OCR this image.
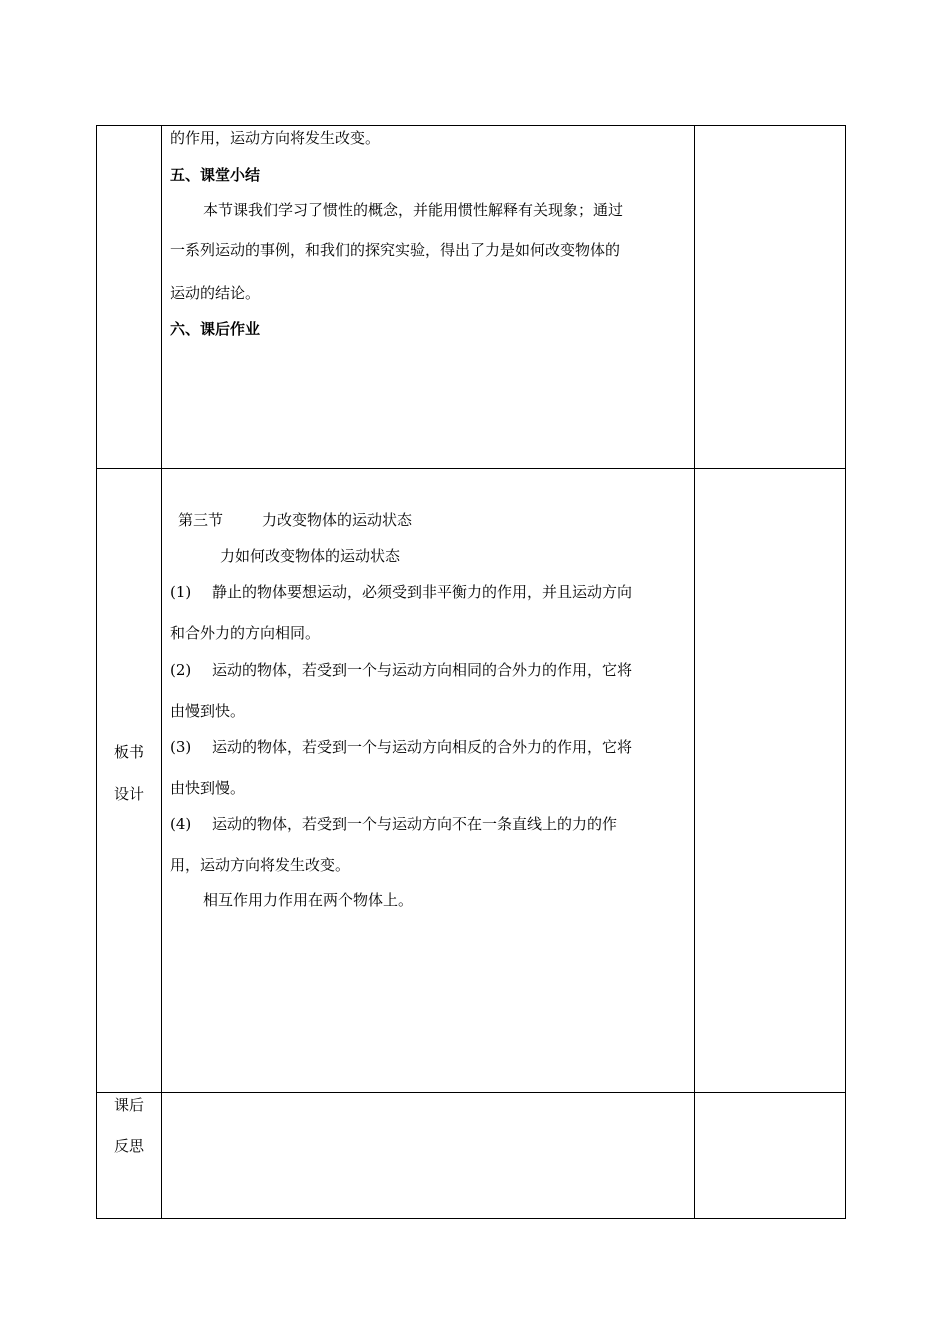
的作用，运动方向将发生改变。
五、课堂小结
本节课我们学习了惯性的概念，并能用惯性解释有关现象；通过
一系列运动的事例，和我们的探究实验，得出了力是如何改变物体的
运动的结论。
六、课后作业
板书
设计
第三节	力改变物体的运动状态
力如何改变物体的运动状态
(1) 静止的物体要想运动，必须受到非平衡力的作用，并且运动方向
和合外力的方向相同。
(2) 运动的物体，若受到一个与运动方向相同的合外力的作用，它将
由慢到快。
(3) 运动的物体，若受到一个与运动方向相反的合外力的作用，它将
由快到慢。
(4) 运动的物体，若受到一个与运动方向不在一条直线上的力的作
用，运动方向将发生改变。
相互作用力作用在两个物体上。
课后
反思
